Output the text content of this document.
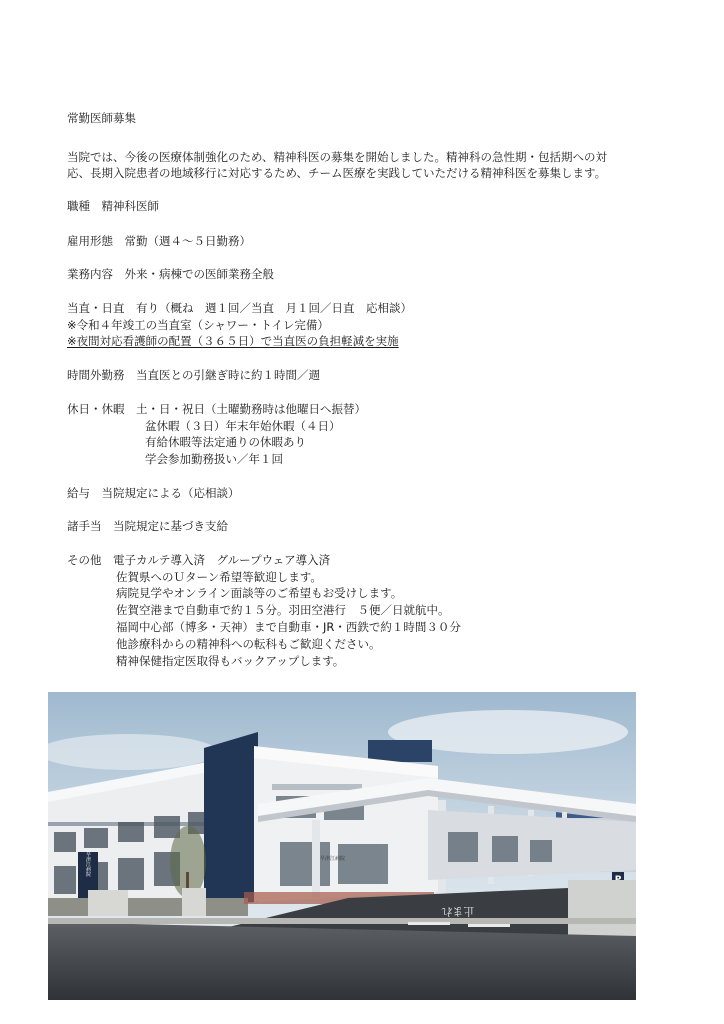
常勤医師募集
当院では、今後の医療体制強化のため、精神科医の募集を開始しました。精神科の急性期・包括期への対
応、長期入院患者の地域移行に対応するため、チーム医療を実践していただける精神科医を募集します。
職種　精神科医師
雇用形態　常勤（週４～５日勤務）
業務内容　外来・病棟での医師業務全般
当直・日直　有り（概ね　週１回／当直　月１回／日直　応相談）
※令和４年竣工の当直室（シャワー・トイレ完備）
※夜間対応看護師の配置（３６５日）で当直医の負担軽減を実施
時間外勤務　当直医との引継ぎ時に約１時間／週
休日・休暇　土・日・祝日（土曜勤務時は他曜日へ振替）
盆休暇（３日）年末年始休暇（４日）
有給休暇等法定通りの休暇あり
学会参加勤務扱い／年１回
給与　当院規定による（応相談）
諸手当　当院規定に基づき支給
その他　電子カルテ導入済　グループウェア導入済
佐賀県へのＵターン希望等歓迎します。
病院見学やオンライン面談等のご希望もお受けします。
佐賀空港まで自動車で約１５分。羽田空港行　５便／日就航中。
福岡中心部（博多・天神）まで自動車・JR・西鉄で約１時間３０分
他診療科からの精神科への転科もご歓迎ください。
精神保健指定医取得もバックアップします。
早津江病院	早津江病院
止まれ
